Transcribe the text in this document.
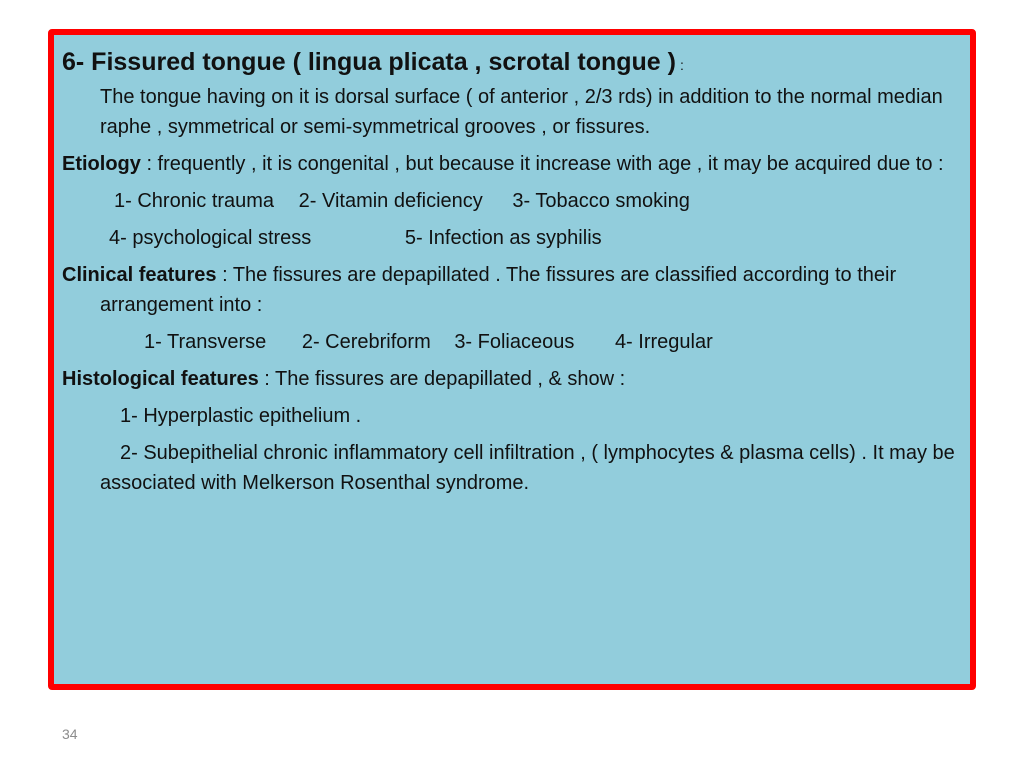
6- Fissured tongue ( lingua plicata , scrotal tongue ) :

The tongue having on it is dorsal surface ( of anterior , 2/3 rds) in addition to the normal median raphe , symmetrical or semi-symmetrical grooves , or fissures.

Etiology : frequently , it is congenital , but because it increase with age , it may be acquired due to :

1- Chronic trauma 2- Vitamin deficiency 3- Tobacco smoking
4- psychological stress	5- Infection as syphilis

Clinical features : The fissures are depapillated . The fissures are classified according to their arrangement into :

1- Transverse 2- Cerebriform 3- Foliaceous 4- Irregular

Histological features : The fissures are depapillated , & show :

1- Hyperplastic epithelium .

2- Subepithelial chronic inflammatory cell infiltration , ( lymphocytes & plasma cells) . It may be associated with Melkerson Rosenthal syndrome.

34
